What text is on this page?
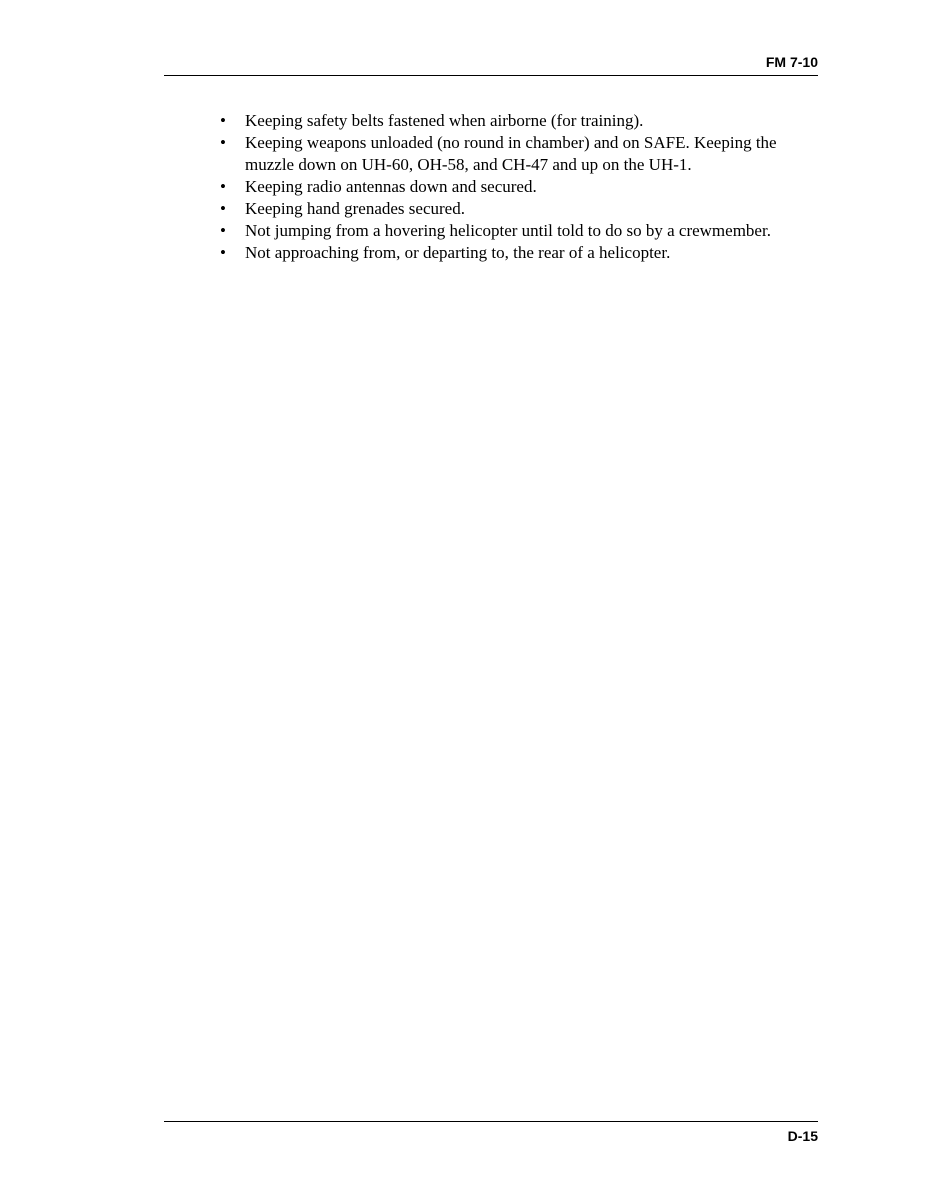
FM 7-10

• Keeping safety belts fastened when airborne (for training).
• Keeping weapons unloaded (no round in chamber) and on SAFE. Keeping the muzzle down on UH-60, OH-58, and CH-47 and up on the UH-1.
• Keeping radio antennas down and secured.
• Keeping hand grenades secured.
• Not jumping from a hovering helicopter until told to do so by a crewmember.
• Not approaching from, or departing to, the rear of a helicopter.

D-15
